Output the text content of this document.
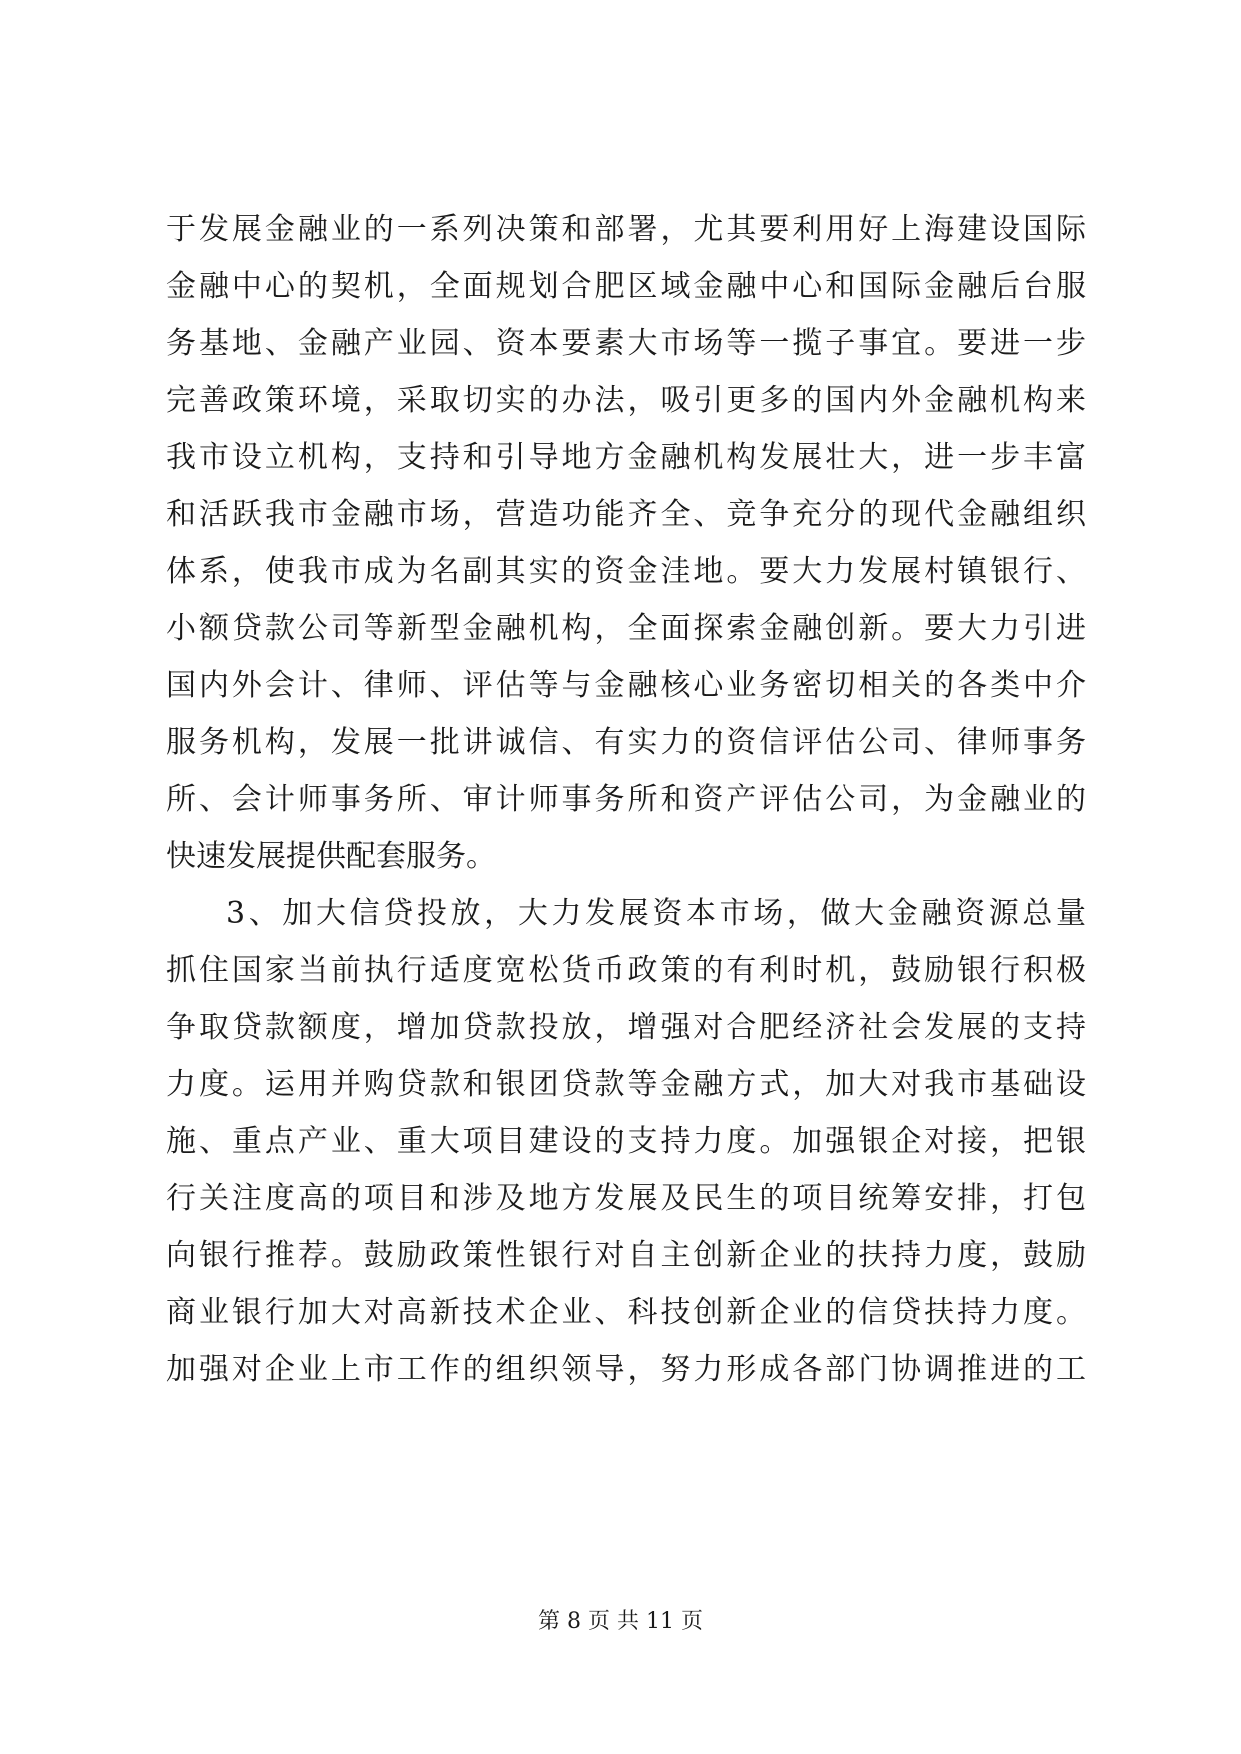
于发展金融业的一系列决策和部署，尤其要利用好上海建设国际
金融中心的契机，全面规划合肥区域金融中心和国际金融后台服
务基地、金融产业园、资本要素大市场等一揽子事宜。要进一步
完善政策环境，采取切实的办法，吸引更多的国内外金融机构来
我市设立机构，支持和引导地方金融机构发展壮大，进一步丰富
和活跃我市金融市场，营造功能齐全、竞争充分的现代金融组织
体系，使我市成为名副其实的资金洼地。要大力发展村镇银行、
小额贷款公司等新型金融机构，全面探索金融创新。要大力引进
国内外会计、律师、评估等与金融核心业务密切相关的各类中介
服务机构，发展一批讲诚信、有实力的资信评估公司、律师事务
所、会计师事务所、审计师事务所和资产评估公司，为金融业的
快速发展提供配套服务。
3、加大信贷投放，大力发展资本市场，做大金融资源总量
抓住国家当前执行适度宽松货币政策的有利时机，鼓励银行积极
争取贷款额度，增加贷款投放，增强对合肥经济社会发展的支持
力度。运用并购贷款和银团贷款等金融方式，加大对我市基础设
施、重点产业、重大项目建设的支持力度。加强银企对接，把银
行关注度高的项目和涉及地方发展及民生的项目统筹安排，打包
向银行推荐。鼓励政策性银行对自主创新企业的扶持力度，鼓励
商业银行加大对高新技术企业、科技创新企业的信贷扶持力度。
加强对企业上市工作的组织领导，努力形成各部门协调推进的工
第 8 页 共 11 页
